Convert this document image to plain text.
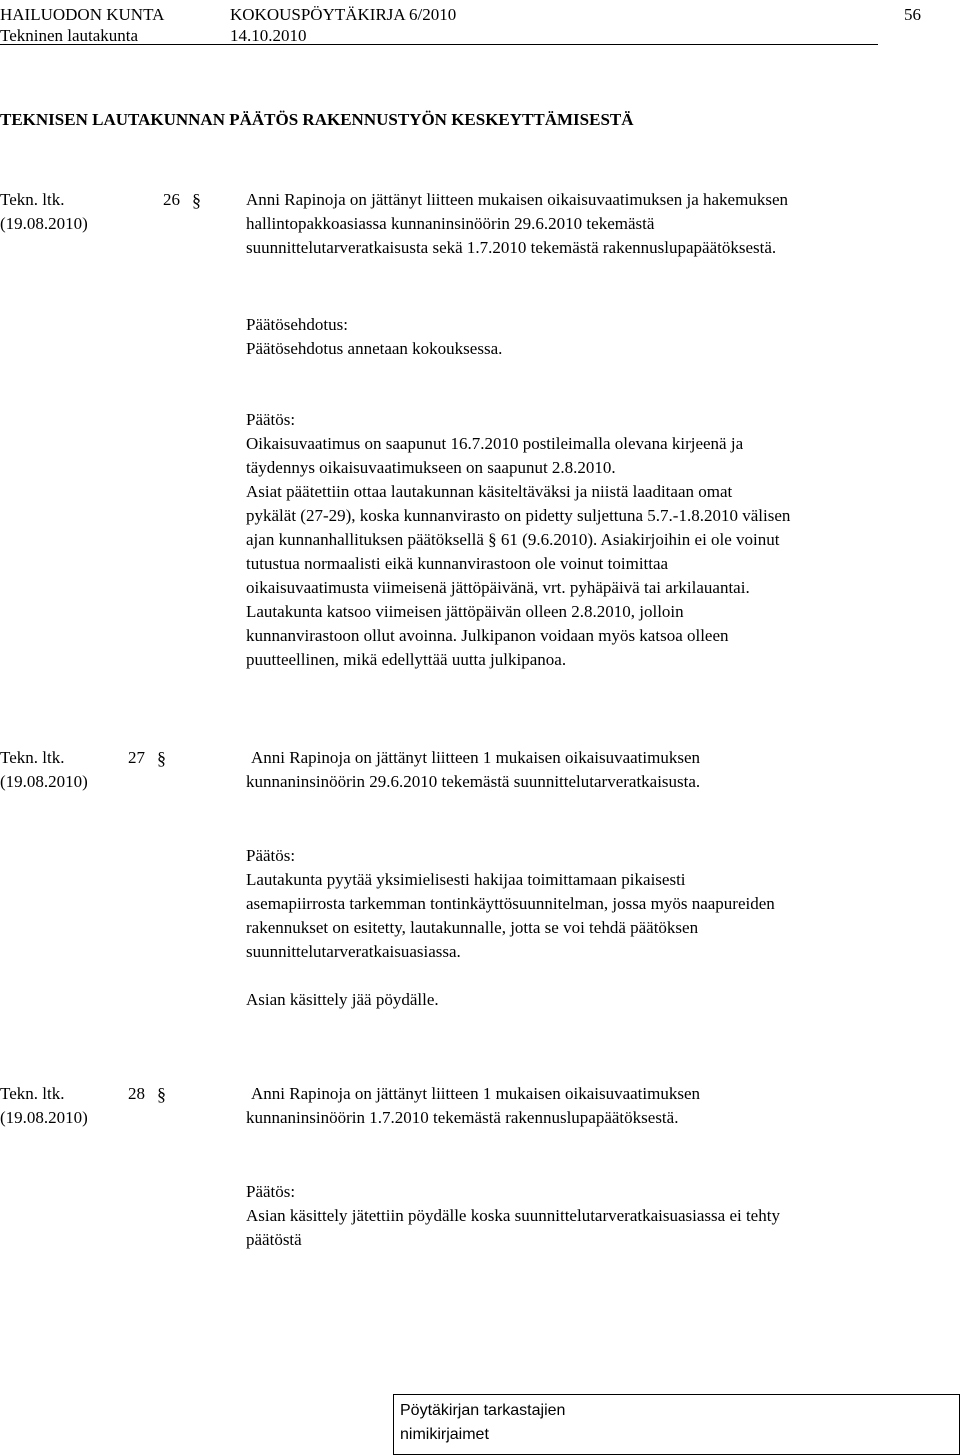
HAILUODON KUNTA	KOKOUSPÖYTÄKIRJA 6/2010	56
Tekninen lautakunta	14.10.2010
TEKNISEN LAUTAKUNNAN PÄÄTÖS RAKENNUSTYÖN KESKEYTTÄMISESTÄ
Tekn. ltk.
(19.08.2010)
26 §	Anni Rapinoja on jättänyt liitteen mukaisen oikaisuvaatimuksen ja hakemuksen
hallintopakkoasiassa kunnaninsinöörin 29.6.2010 tekemästä
suunnittelutarveratkaisusta sekä 1.7.2010 tekemästä rakennuslupapäätöksestä.
Päätösehdotus:
Päätösehdotus annetaan kokouksessa.
Päätös:
Oikaisuvaatimus on saapunut 16.7.2010 postileimalla olevana kirjeenä ja
täydennys oikaisuvaatimukseen on saapunut 2.8.2010.
Asiat päätettiin ottaa lautakunnan käsiteltäväksi ja niistä laaditaan omat
pykälät (27-29), koska kunnanvirasto on pidetty suljettuna 5.7.-1.8.2010 välisen
ajan kunnanhallituksen päätöksellä § 61 (9.6.2010). Asiakirjoihin ei ole voinut
tutustua normaalisti eikä kunnanvirastoon ole voinut toimittaa
oikaisuvaatimusta viimeisenä jättöpäivänä, vrt. pyhäpäivä tai arkilauantai.
Lautakunta katsoo viimeisen jättöpäivän olleen 2.8.2010, jolloin
kunnanvirastoon ollut avoinna. Julkipanon voidaan myös katsoa olleen
puutteellinen, mikä edellyttää uutta julkipanoa.
Tekn. ltk.
(19.08.2010)
27 §	Anni Rapinoja on jättänyt liitteen 1 mukaisen oikaisuvaatimuksen
kunnaninsinöörin 29.6.2010 tekemästä suunnittelutarveratkaisusta.
Päätös:
Lautakunta pyytää yksimielisesti hakijaa toimittamaan pikaisesti
asemapiirrosta tarkemman tontinkäyttösuunnitelman, jossa myös naapureiden
rakennukset on esitetty, lautakunnalle, jotta se voi tehdä päätöksen
suunnittelutarveratkaisuasiassa.
Asian käsittely jää pöydälle.
Tekn. ltk.
(19.08.2010)
28 §	Anni Rapinoja on jättänyt liitteen 1 mukaisen oikaisuvaatimuksen
kunnaninsinöörin 1.7.2010 tekemästä rakennuslupapäätöksestä.
Päätös:
Asian käsittely jätettiin pöydälle koska suunnittelutarveratkaisuasiassa ei tehty
päätöstä
Pöytäkirjan tarkastajien
nimikirjaimet
